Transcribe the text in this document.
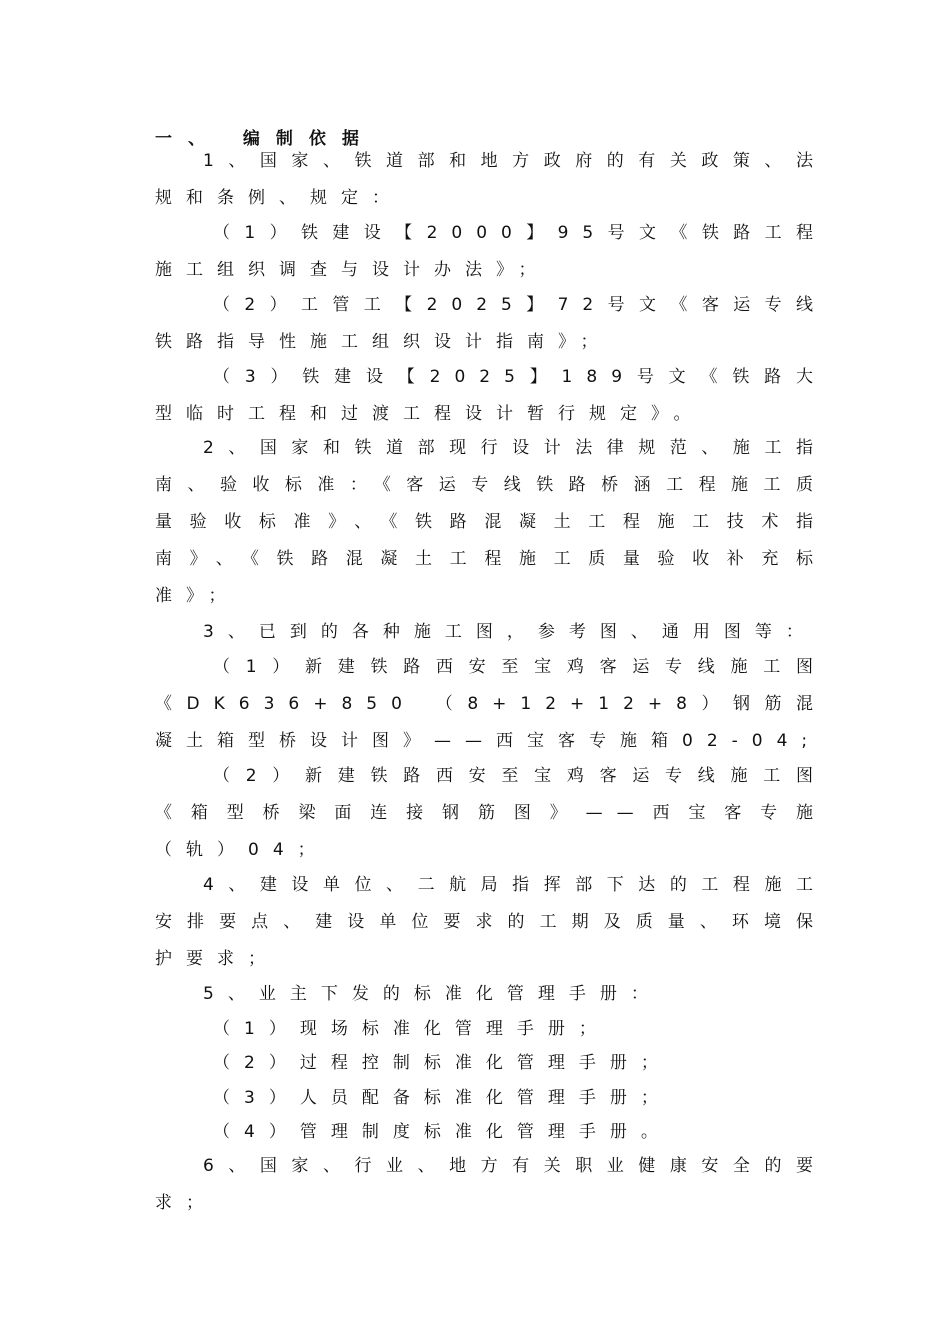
一、 编制依据
1、国家、铁道部和地方政府的有关政策、法规和条例、规定：
（1）铁建设【2000】95号文《铁路工程施工组织调查与设计办法》；
（2）工管工【2025】72号文《客运专线铁路指导性施工组织设计指南》；
（3）铁建设【2025】189号文《铁路大型临时工程和过渡工程设计暂行规定》。
2、国家和铁道部现行设计法律规范、施工指南、验收标准：《客运专线铁路桥涵工程施工质量验收标准》、《铁路混凝土工程施工技术指南》、《铁路混凝土工程施工质量验收补充标准》；
3、已到的各种施工图，参考图、通用图等：
（1）新建铁路西安至宝鸡客运专线施工图《DK636+850 （8+12+12+8）钢筋混凝土箱型桥设计图》——西宝客专施箱02-04;
（2）新建铁路西安至宝鸡客运专线施工图《箱型桥梁面连接钢筋图》——西宝客专施（轨）04；
4、建设单位、二航局指挥部下达的工程施工安排要点、建设单位要求的工期及质量、环境保护要求；
5、业主下发的标准化管理手册：
（1）现场标准化管理手册；
（2）过程控制标准化管理手册；
（3）人员配备标准化管理手册；
（4）管理制度标准化管理手册。
6、国家、行业、地方有关职业健康安全的要求；
